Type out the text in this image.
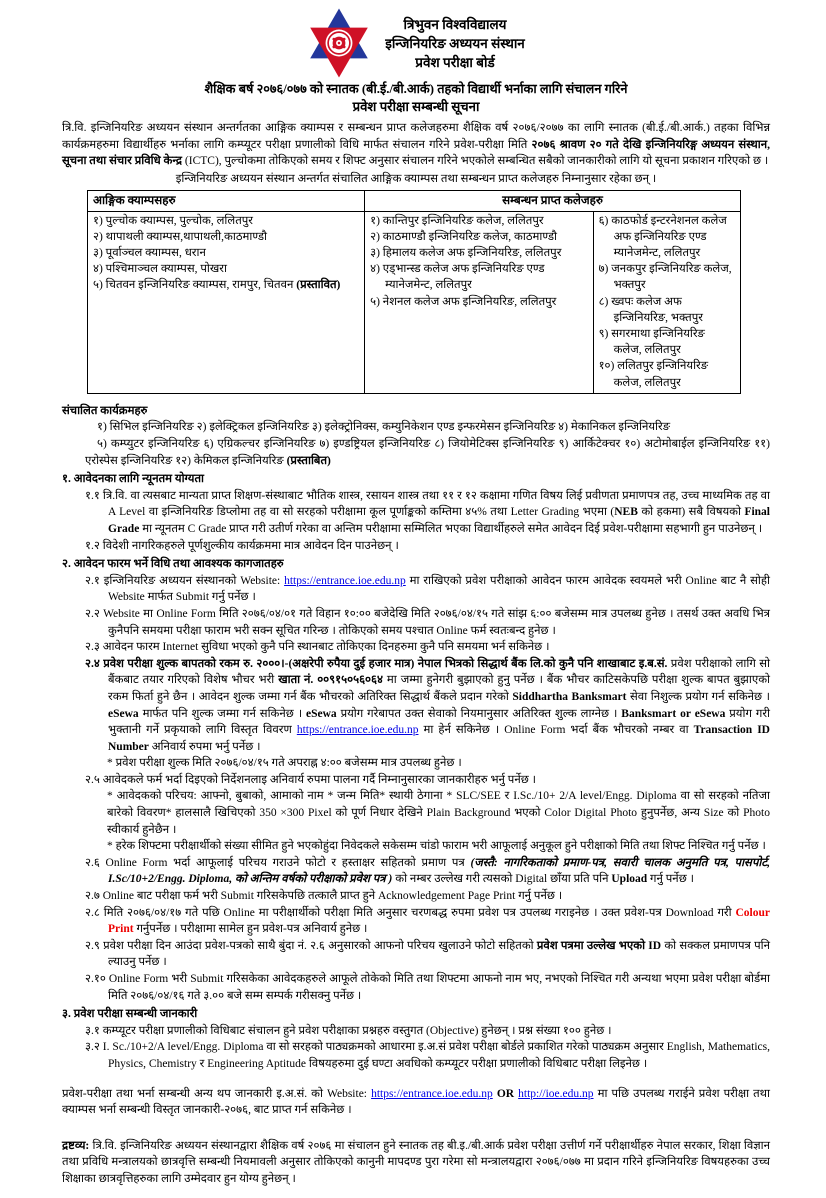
त्रिभुवन विश्वविद्यालय
इन्जिनियरिङ अध्ययन संस्थान
प्रवेश परीक्षा बोर्ड
शैक्षिक बर्ष २०७६/०७७ को स्नातक (बी.ई./बी.आर्क) तहको विद्यार्थी भर्नाका लागि संचालन गरिने
प्रवेश परीक्षा सम्बन्धी सूचना
त्रि.वि. इन्जिनियरिङ अध्ययन संस्थान अन्तर्गतका आङ्गिक क्याम्पस र सम्बन्धन प्राप्त कलेजहरुमा शैक्षिक वर्ष २०७६/२०७७ का लागि स्नातक (बी.ई./बी.आर्क.) तहका विभिन्न कार्यक्रमहरुमा विद्यार्थीहरु भर्नाका लागि कम्प्यूटर परीक्षा प्रणालीको विधि मार्फत संचालन गरिने प्रवेश-परीक्षा मिति २०७६ श्रावण २० गते देखि इन्जिनियरिङ्ग अध्ययन संस्थान, सूचना तथा संचार प्रविधि केन्द्र (ICTC), पुल्चोकमा तोकिएको समय र शिफ्ट अनुसार संचालन गरिने भएकोले सम्बन्धित सबैको जानकारीको लागि यो सूचना प्रकाशन गरिएको छ ।
इन्जिनियरिङ अध्ययन संस्थान अन्तर्गत संचालित आङ्गिक क्याम्पस तथा सम्बन्धन प्राप्त कलेजहरु निम्नानुसार रहेका छन् ।
आङ्गिक क्याम्पसहरु	सम्बन्धन प्राप्त कलेजहरु	

१) पुल्चोक क्याम्पस, पुल्चोक, ललितपुर
२) थापाथली क्याम्पस,थापाथली,काठमाण्डौ
३) पूर्वाञ्चल क्याम्पस, धरान
४) पश्चिमाञ्चल क्याम्पस, पोखरा
५) चितवन इन्जिनियरिङ क्याम्पस, रामपुर, चितवन (प्रस्तावित)

१) कान्तिपुर इन्जिनियरिङ कलेज, ललितपुर
२) काठमाण्डौ इन्जिनियरिङ कलेज, काठमाण्डौ
३) हिमालय कलेज अफ इन्जिनियरिङ, ललितपुर
४) एड्भान्स्ड कलेज अफ इन्जिनियरिङ एण्ड म्यानेजमेन्ट, ललितपुर
५) नेशनल कलेज अफ इन्जिनियरिङ, ललितपुर

६) काठफोर्ड इन्टरनेशनल कलेज अफ इन्जिनियरिङ एण्ड म्यानेजमेन्ट, ललितपुर
७) जनकपुर इन्जिनियरिङ कलेज, भक्तपुर
८) ख्वपः कलेज अफ इन्जिनियरिङ, भक्तपुर
९) सगरमाथा इन्जिनियरिङ कलेज, ललितपुर
१०) ललितपुर इन्जिनियरिङ कलेज, ललितपुर
संचालित कार्यक्रमहरु
१) सिभिल इन्जिनियरिङ २) इलेक्ट्रिकल इन्जिनियरिङ ३) इलेक्ट्रोनिक्स, कम्युनिकेशन एण्ड इन्फरमेसन इन्जिनियरिङ ४) मेकानिकल इन्जिनियरिङ
५) कम्प्युटर इन्जिनियरिङ ६) एग्रिकल्चर इन्जिनियरिङ ७) इण्डष्ट्रियल इन्जिनियरिङ ८) जियोमेटिक्स इन्जिनियरिङ ९) आर्किटेक्चर १०) अटोमोबाईल इन्जिनियरिङ ११) एरोस्पेस इन्जिनियरिङ १२) केमिकल इन्जिनियरिङ (प्रस्ताबित)
१. आवेदनका लागि न्यूनतम योग्यता
१.१ त्रि.वि. वा त्यसबाट मान्यता प्राप्त शिक्षण-संस्थाबाट भौतिक शास्त्र, रसायन शास्त्र तथा ११ र १२ कक्षामा गणित विषय लिई प्रवीणता प्रमाणपत्र तह, उच्च माध्यमिक तह वा A Level वा इन्जिनियरिङ डिप्लोमा तह वा सो सरहको परीक्षामा कूल पूर्णाङ्कको कम्तिमा ४५% तथा Letter Grading भएमा (NEB को हकमा) सबै विषयको Final Grade मा न्यूनतम C Grade प्राप्त गरी उतीर्ण गरेका वा अन्तिम परीक्षामा सम्मिलित भएका विद्यार्थीहरुले समेत आवेदन दिई प्रवेश-परीक्षामा सहभागी हुन पाउनेछन् ।
१.२ विदेशी नागरिकहरुले पूर्णशुल्कीय कार्यक्रममा मात्र आवेदन दिन पाउनेछन् ।
२. आवेदन फारम भर्ने विधि तथा आवश्यक कागजातहरु
२.१ इन्जिनियरिङ अध्ययन संस्थानको Website: https://entrance.ioe.edu.np मा राखिएको प्रवेश परीक्षाको आवेदन फारम आवेदक स्वयमले भरी Online बाट नै सोही Website मार्फत Submit गर्नु पर्नेछ ।
२.२ Website मा Online Form मिति २०७६/०४/०१ गते विहान १०:०० बजेदेखि मिति २०७६/०४/१५ गते सांझ ६:०० बजेसम्म मात्र उपलब्ध हुनेछ । तसर्थ उक्त अवधि भित्र कुनैपनि समयमा परीक्षा फाराम भरी सक्न सूचित गरिन्छ । तोकिएको समय पश्चात Online फर्म स्वतःबन्द हुनेछ ।
२.३ आवेदन फारम Internet सुविधा भएको कुनै पनि स्थानबाट तोकिएका दिनहरुमा कुनै पनि समयमा भर्न सकिनेछ ।
२.४ प्रवेश परीक्षा शुल्क बापतको रकम रु. २०००।-(अक्षरेपी रुपैया दुई हजार मात्र) नेपाल भित्रको सिद्धार्थ बैंक लि.को कुनै पनि शाखाबाट इ.ब.सं. प्रवेश परीक्षाको लागि सो बैंकबाट तयार गरिएको विशेष भौचर भरी खाता नं. ००९१५०५६०६४ मा जम्मा हुनेगरी बुझाएको हुनु पर्नेछ । बैंक भौचर काटिसकेपछि परीक्षा शुल्क बापत बुझाएको रकम फिर्ता हुने छैन । आवेदन शुल्क जम्मा गर्न बैंक भौचरको अतिरिक्त सिद्धार्थ बैंकले प्रदान गरेको Siddhartha Banksmart सेवा निशुल्क प्रयोग गर्न सकिनेछ । eSewa मार्फत पनि शुल्क जम्मा गर्न सकिनेछ । eSewa प्रयोग गरेबापत उक्त सेवाको नियमानुसार अतिरिक्त शुल्क लाग्नेछ । Banksmart or eSewa प्रयोग गरी भुक्तानी गर्ने प्रकृयाको लागि विस्तृत विवरण https://entrance.ioe.edu.np मा हेर्न सकिनेछ । Online Form भर्दा बैंक भौचरको नम्बर वा Transaction ID Number अनिवार्य रुपमा भर्नु पर्नेछ ।
* प्रवेश परीक्षा शुल्क मिति २०७६/०४/१५ गते अपराह्न ४:०० बजेसम्म मात्र उपलब्ध हुनेछ ।
२.५ आवेदकले फर्म भर्दा दिइएको निर्देशनलाइ अनिवार्य रुपमा पालना गर्दै निम्नानुसारका जानकारीहरु भर्नु पर्नेछ ।
* आवेदकको परिचय: आफ्नो, बुबाको, आमाको नाम * जन्म मिति* स्थायी ठेगाना * SLC/SEE र I.Sc./10+ 2/A level/Engg. Diploma वा सो सरहको नतिजा बारेको विवरण* हालसालै खिचिएको 350 ×300 Pixel को पूर्ण निधार देखिने Plain Background भएको Color Digital Photo हुनुपर्नेछ, अन्य Size को Photo स्वीकार्य हुनेछैन ।
* हरेक शिफ्टमा परीक्षार्थीको संख्या सीमित हुने भएकोहुंदा निवेदकले सकेसम्म चांडो फाराम भरी आफूलाई अनुकूल हुने परीक्षाको मिति तथा शिफ्ट निश्चित गर्नु पर्नेछ ।
२.६ Online Form भर्दा आफूलाई परिचय गराउने फोटो र हस्ताक्षर सहितको प्रमाण पत्र (जस्तै: नागरिकताको प्रमाण-पत्र, सवारी चालक अनुमति पत्र, पासपोर्ट, I.Sc/10+2/Engg. Diploma, को अन्तिम वर्षको परीक्षाको प्रवेश पत्र ) को नम्बर उल्लेख गरी त्यसको Digital छाँया प्रति पनि Upload गर्नु पर्नेछ ।
२.७ Online बाट परीक्षा फर्म भरी Submit गरिसकेपछि तत्कालै प्राप्त हुने Acknowledgement Page Print गर्नु पर्नेछ ।
२.८ मिति २०७६/०४/१७ गते पछि Online मा परीक्षार्थीको परीक्षा मिति अनुसार चरणबद्ध रुपमा प्रवेश पत्र उपलब्ध गराइनेछ । उक्त प्रवेश-पत्र Download गरी Colour Print गर्नुपर्नेछ । परीक्षामा सामेल हुन प्रवेश-पत्र अनिवार्य हुनेछ ।
२.९ प्रवेश परीक्षा दिन आउंदा प्रवेश-पत्रको साथै बुंदा नं. २.६ अनुसारको आफनो परिचय खुलाउने फोटो सहितको प्रवेश पत्रमा उल्लेख भएको ID को सक्कल प्रमाणपत्र पनि ल्याउनु पर्नेछ ।
२.१० Online Form भरी Submit गरिसकेका आवेदकहरुले आफूले तोकेको मिति तथा शिफ्टमा आफनो नाम भए, नभएको निश्चित गरी अन्यथा भएमा प्रवेश परीक्षा बोर्डमा मिति २०७६/०४/१६ गते ३.०० बजे सम्म सम्पर्क गरीसक्नु पर्नेछ ।
३. प्रवेश परीक्षा सम्बन्धी जानकारी
३.१ कम्प्यूटर परीक्षा प्रणालीको विधिबाट संचालन हुने प्रवेश परीक्षाका प्रश्नहरु वस्तुगत (Objective) हुनेछन् । प्रश्न संख्या १०० हुनेछ ।
३.२ I. Sc./10+2/A level/Engg. Diploma वा सो सरहको पाठ्यक्रमको आधारमा इ.अ.सं प्रवेश परीक्षा बोर्डले प्रकाशित गरेको पाठ्यक्रम अनुसार English, Mathematics, Physics, Chemistry र Engineering Aptitude विषयहरुमा दुई घण्टा अवधिको कम्प्यूटर परीक्षा प्रणालीको विधिबाट परीक्षा लिइनेछ ।
प्रवेश-परीक्षा तथा भर्ना सम्बन्धी अन्य थप जानकारी इ.अ.सं. को Website: https://entrance.ioe.edu.np OR http://ioe.edu.np मा पछि उपलब्ध गराईने प्रवेश परीक्षा तथा क्याम्पस भर्ना सम्बन्धी विस्तृत जानकारी-२०७६, बाट प्राप्त गर्न सकिनेछ ।
द्रष्टव्य: त्रि.वि. इन्जिनियरिङ अध्ययन संस्थानद्वारा शैक्षिक वर्ष २०७६ मा संचालन हुने स्नातक तह बी.इ./बी.आर्क प्रवेश परीक्षा उत्तीर्ण गर्ने परीक्षार्थीहरु नेपाल सरकार, शिक्षा विज्ञान तथा प्रविधि मन्त्रालयको छात्रवृत्ति सम्बन्धी नियमावली अनुसार तोकिएको कानुनी मापदण्ड पुरा गरेमा सो मन्त्रालयद्वारा २०७६/०७७ मा प्रदान गरिने इन्जिनियरिङ विषयहरुका उच्च शिक्षाका छात्रवृत्तिहरुका लागि उम्मेदवार हुन योग्य हुनेछन् ।
